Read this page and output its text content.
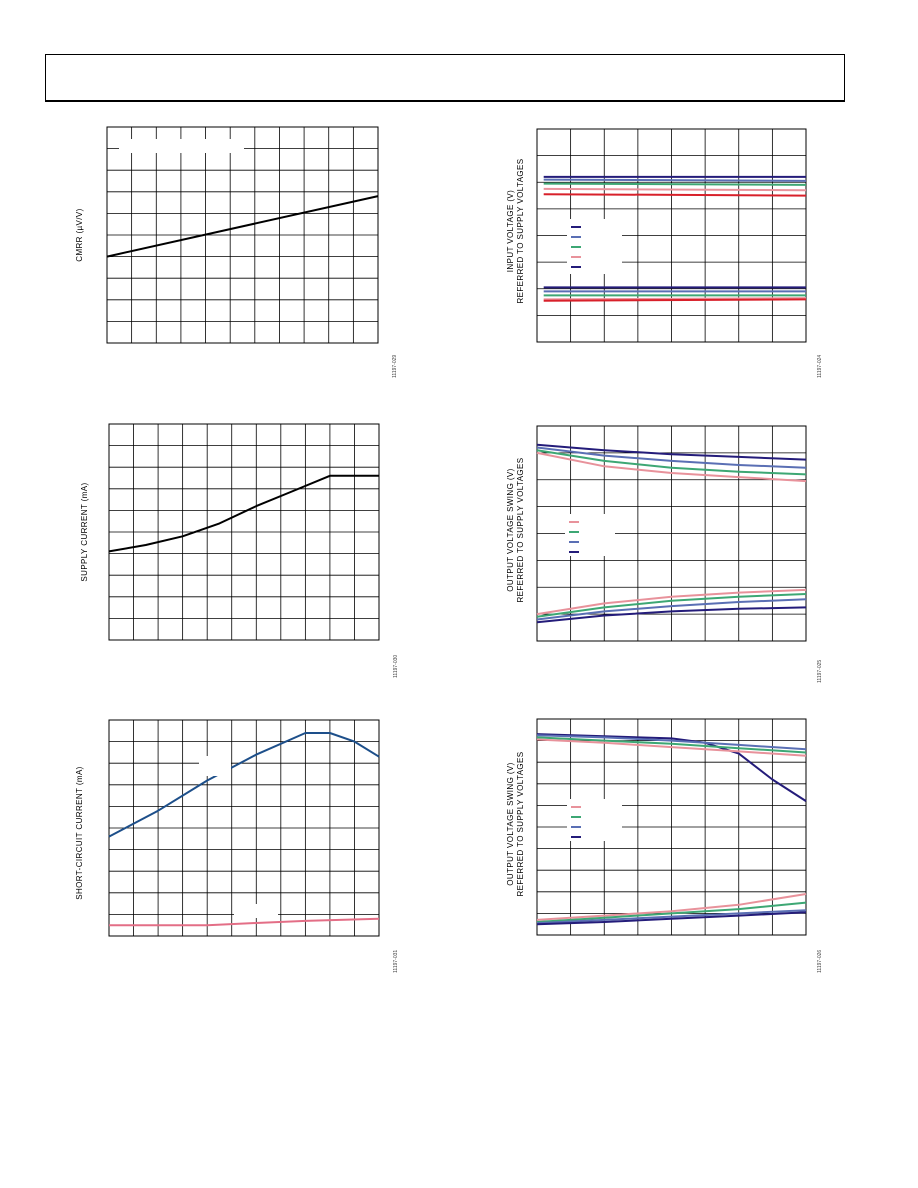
CMRR (µV/V)
11197-029
SUPPLY CURRENT (mA)
11197-030
SHORT-CIRCUIT CURRENT (mA)
11197-031
INPUT VOLTAGE (V)
REFERRED TO SUPPLY VOLTAGES
11197-024
OUTPUT VOLTAGE SWING (V)
REFERRED TO SUPPLY VOLTAGES
11197-025
OUTPUT VOLTAGE SWING (V)
REFERRED TO SUPPLY VOLTAGES
11197-026
